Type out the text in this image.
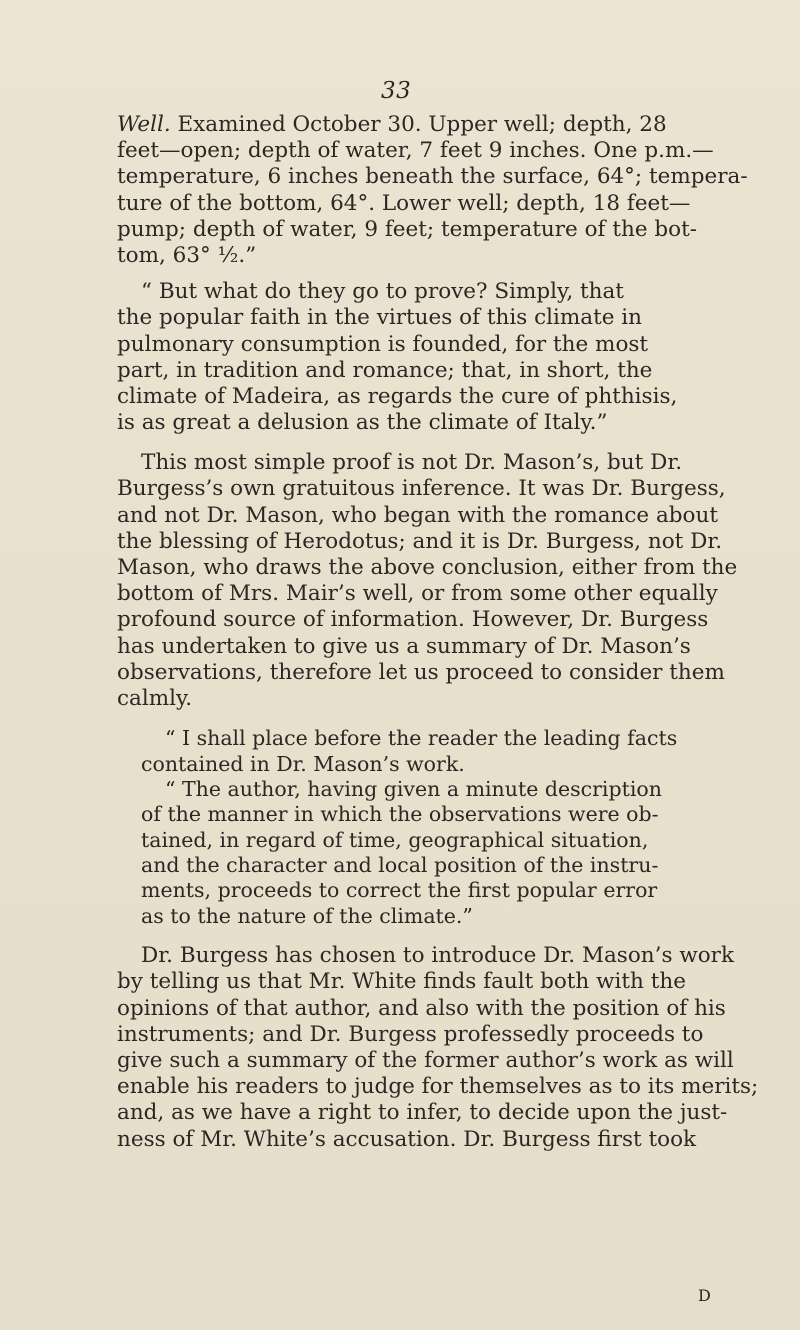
33
Well. Examined October 30. Upper well; depth, 28
feet—open; depth of water, 7 feet 9 inches. One p.m.—
temperature, 6 inches beneath the surface, 64°; tempera-
ture of the bottom, 64°. Lower well; depth, 18 feet—
pump; depth of water, 9 feet; temperature of the bot-
tom, 63° ½.”
“ But what do they go to prove? Simply, that
the popular faith in the virtues of this climate in
pulmonary consumption is founded, for the most
part, in tradition and romance; that, in short, the
climate of Madeira, as regards the cure of phthisis,
is as great a delusion as the climate of Italy.”
This most simple proof is not Dr. Mason’s, but Dr.
Burgess’s own gratuitous inference. It was Dr. Burgess,
and not Dr. Mason, who began with the romance about
the blessing of Herodotus; and it is Dr. Burgess, not Dr.
Mason, who draws the above conclusion, either from the
bottom of Mrs. Mair’s well, or from some other equally
profound source of information. However, Dr. Burgess
has undertaken to give us a summary of Dr. Mason’s
observations, therefore let us proceed to consider them
calmly.
“ I shall place before the reader the leading facts
contained in Dr. Mason’s work.
“ The author, having given a minute description
of the manner in which the observations were ob-
tained, in regard of time, geographical situation,
and the character and local position of the instru-
ments, proceeds to correct the first popular error
as to the nature of the climate.”
Dr. Burgess has chosen to introduce Dr. Mason’s work
by telling us that Mr. White finds fault both with the
opinions of that author, and also with the position of his
instruments; and Dr. Burgess professedly proceeds to
give such a summary of the former author’s work as will
enable his readers to judge for themselves as to its merits;
and, as we have a right to infer, to decide upon the just-
ness of Mr. White’s accusation. Dr. Burgess first took
D
